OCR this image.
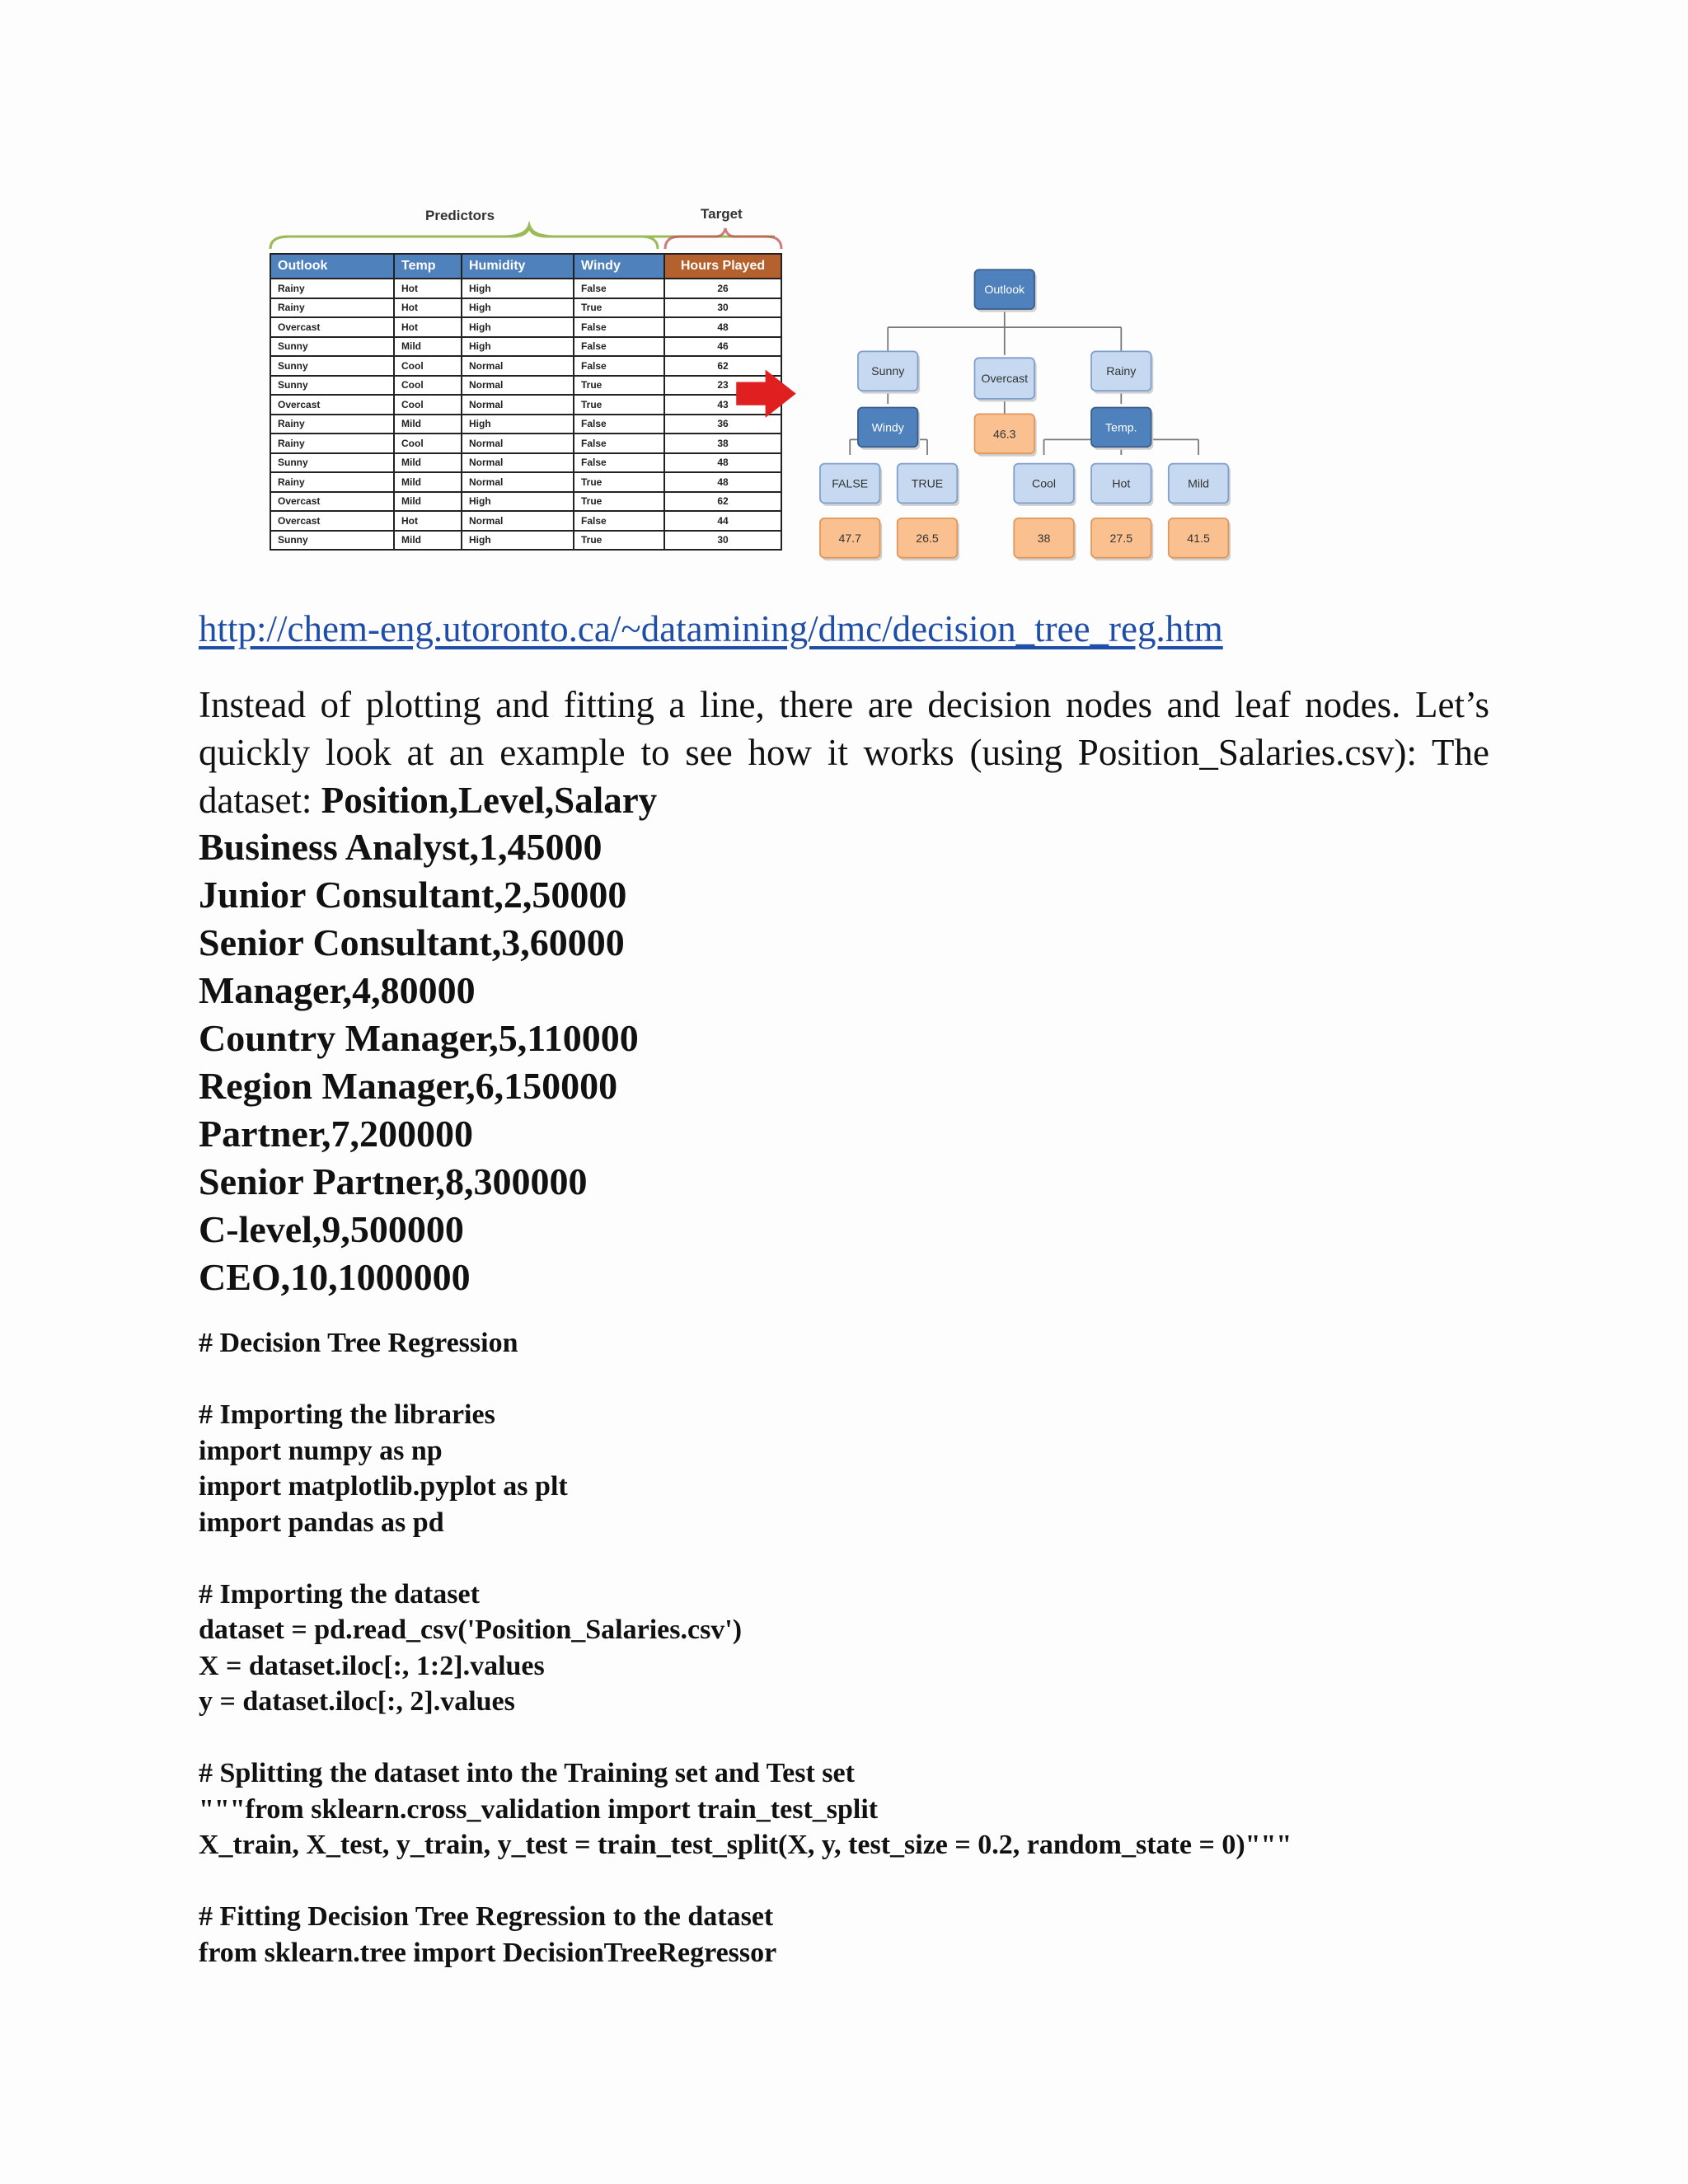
Predictors	Target
Outlook	Temp	Humidity	Windy	Hours Played
Rainy	Hot	High	False	26
Rainy	Hot	High	True	30
Overcast	Hot	High	False	48
Sunny	Mild	High	False	46
Sunny	Cool	Normal	False	62
Sunny	Cool	Normal	True	23
Overcast	Cool	Normal	True	43
Rainy	Mild	High	False	36
Rainy	Cool	Normal	False	38
Sunny	Mild	Normal	False	48
Rainy	Mild	Normal	True	48
Overcast	Mild	High	True	62
Overcast	Hot	Normal	False	44
Sunny	Mild	High	True	30
Outlook
Sunny
Overcast
Rainy
Windy	46.3	Temp.
FALSE	TRUE	Cool	Hot	Mild
47.7	26.5	38	27.5	41.5
http://chem-eng.utoronto.ca/~datamining/dmc/decision_tree_reg.htm

Instead of plotting and fitting a line, there are decision nodes and leaf nodes. Let’s quickly look at an example to see how it works (using Position_Salaries.csv): The dataset: Position,Level,Salary

Business Analyst,1,45000
Junior Consultant,2,50000
Senior Consultant,3,60000
Manager,4,80000
Country Manager,5,110000
Region Manager,6,150000
Partner,7,200000
Senior Partner,8,300000
C-level,9,500000
CEO,10,1000000
# Decision Tree Regression
# Importing the libraries
import numpy as np
import matplotlib.pyplot as plt
import pandas as pd
# Importing the dataset
dataset = pd.read_csv('Position_Salaries.csv')
X = dataset.iloc[:, 1:2].values
y = dataset.iloc[:, 2].values
# Splitting the dataset into the Training set and Test set
"""from sklearn.cross_validation import train_test_split
X_train, X_test, y_train, y_test = train_test_split(X, y, test_size = 0.2, random_state = 0)"""
# Fitting Decision Tree Regression to the dataset
from sklearn.tree import DecisionTreeRegressor
